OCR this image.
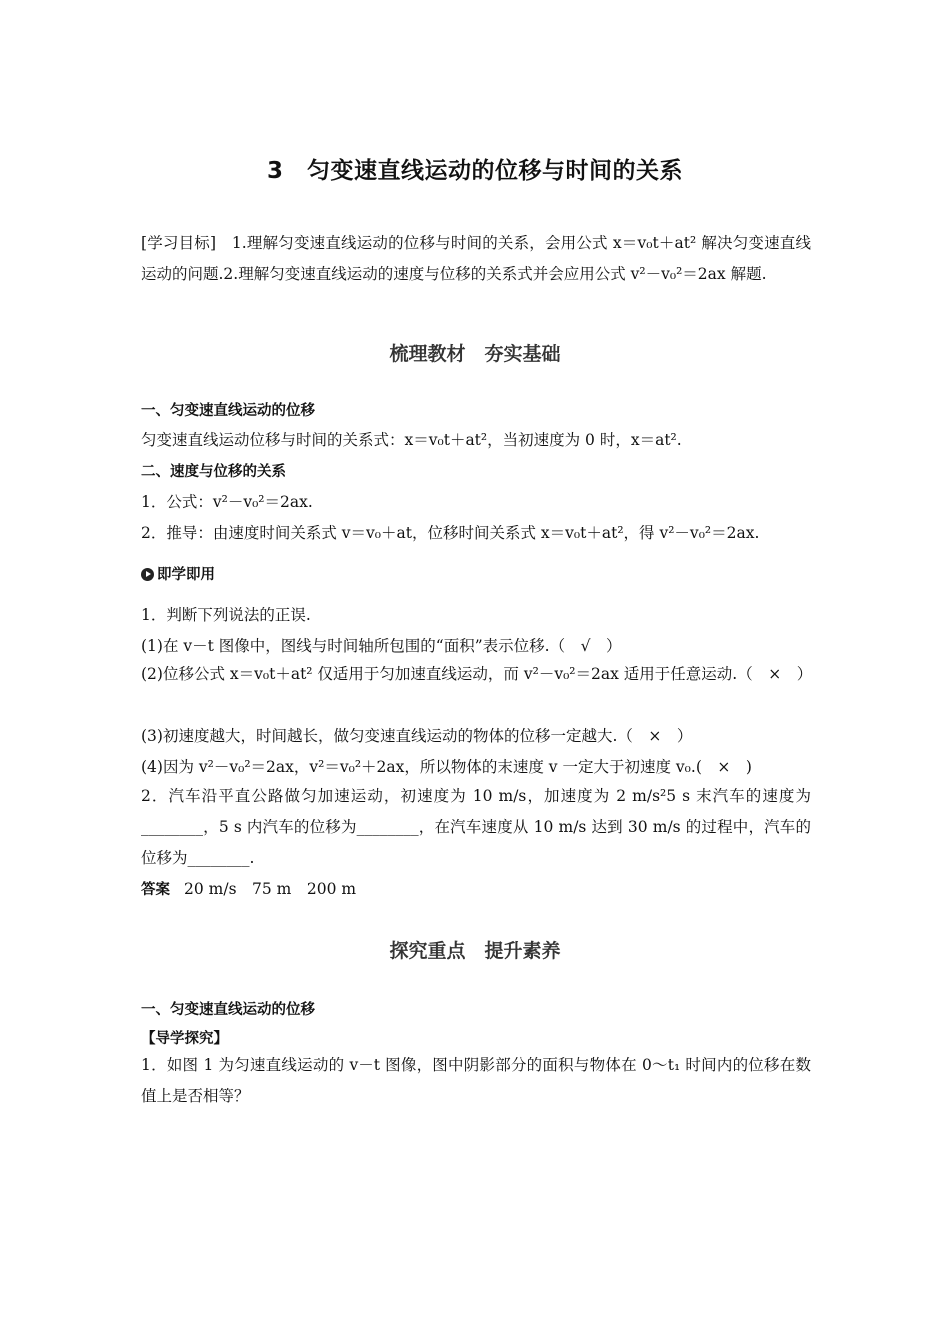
3　匀变速直线运动的位移与时间的关系
[学习目标]　1.理解匀变速直线运动的位移与时间的关系，会用公式 x＝v₀t＋at² 解决匀变速直线运动的问题.2.理解匀变速直线运动的速度与位移的关系式并会应用公式 v²－v₀²＝2ax 解题.
梳理教材　夯实基础
一、匀变速直线运动的位移
匀变速直线运动位移与时间的关系式：x＝v₀t＋at²，当初速度为 0 时，x＝at².
二、速度与位移的关系
1．公式：v²－v₀²＝2ax.
2．推导：由速度时间关系式 v＝v₀＋at，位移时间关系式 x＝v₀t＋at²，得 v²－v₀²＝2ax.
即学即用
1．判断下列说法的正误.
(1)在 v－t 图像中，图线与时间轴所包围的“面积”表示位移.（　√　）
(2)位移公式 x＝v₀t＋at² 仅适用于匀加速直线运动，而 v²－v₀²＝2ax 适用于任意运动.（　×　）
(3)初速度越大，时间越长，做匀变速直线运动的物体的位移一定越大.（　×　）
(4)因为 v²－v₀²＝2ax，v²＝v₀²＋2ax，所以物体的末速度 v 一定大于初速度 v₀.(　×　)
2．汽车沿平直公路做匀加速运动，初速度为 10 m/s，加速度为 2 m/s²5 s 末汽车的速度为________，5 s 内汽车的位移为________，在汽车速度从 10 m/s 达到 30 m/s 的过程中，汽车的位移为________.
答案 20 m/s　75 m　200 m
探究重点　提升素养
一、匀变速直线运动的位移
【导学探究】
1．如图 1 为匀速直线运动的 v－t 图像，图中阴影部分的面积与物体在 0～t₁ 时间内的位移在数值上是否相等？
